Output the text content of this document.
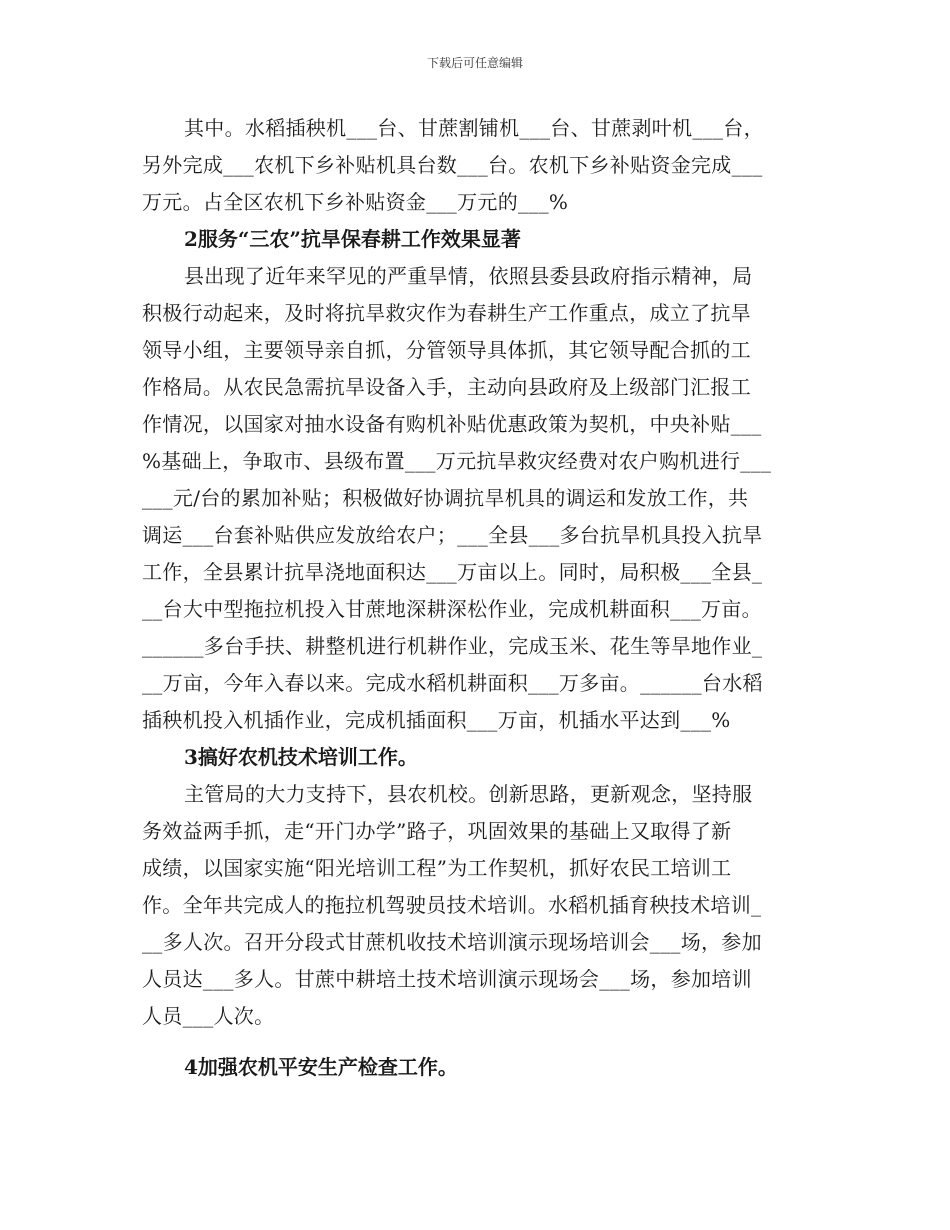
下载后可任意编辑
其中。水稻插秧机___台、甘蔗割铺机___台、甘蔗剥叶机___台，
另外完成___农机下乡补贴机具台数___台。农机下乡补贴资金完成___
万元。占全区农机下乡补贴资金___万元的___%
2服务“三农”抗旱保春耕工作效果显著
县出现了近年来罕见的严重旱情，依照县委县政府指示精神，局
积极行动起来，及时将抗旱救灾作为春耕生产工作重点，成立了抗旱
领导小组，主要领导亲自抓，分管领导具体抓，其它领导配合抓的工
作格局。从农民急需抗旱设备入手，主动向县政府及上级部门汇报工
作情况，以国家对抽水设备有购机补贴优惠政策为契机，中央补贴___
%基础上，争取市、县级布置___万元抗旱救灾经费对农户购机进行___
___元/台的累加补贴；积极做好协调抗旱机具的调运和发放工作，共
调运___台套补贴供应发放给农户；___全县___多台抗旱机具投入抗旱
工作，全县累计抗旱浇地面积达___万亩以上。同时，局积极___全县_
__台大中型拖拉机投入甘蔗地深耕深松作业，完成机耕面积___万亩。
______多台手扶、耕整机进行机耕作业，完成玉米、花生等旱地作业_
__万亩，今年入春以来。完成水稻机耕面积___万多亩。______台水稻
插秧机投入机插作业，完成机插面积___万亩，机插水平达到___%
3搞好农机技术培训工作。
主管局的大力支持下，县农机校。创新思路，更新观念，坚持服
务效益两手抓，走“开门办学”路子，巩固效果的基础上又取得了新
成绩，以国家实施“阳光培训工程”为工作契机，抓好农民工培训工
作。全年共完成人的拖拉机驾驶员技术培训。水稻机插育秧技术培训_
__多人次。召开分段式甘蔗机收技术培训演示现场培训会___场，参加
人员达___多人。甘蔗中耕培土技术培训演示现场会___场，参加培训
人员___人次。
4加强农机平安生产检查工作。
